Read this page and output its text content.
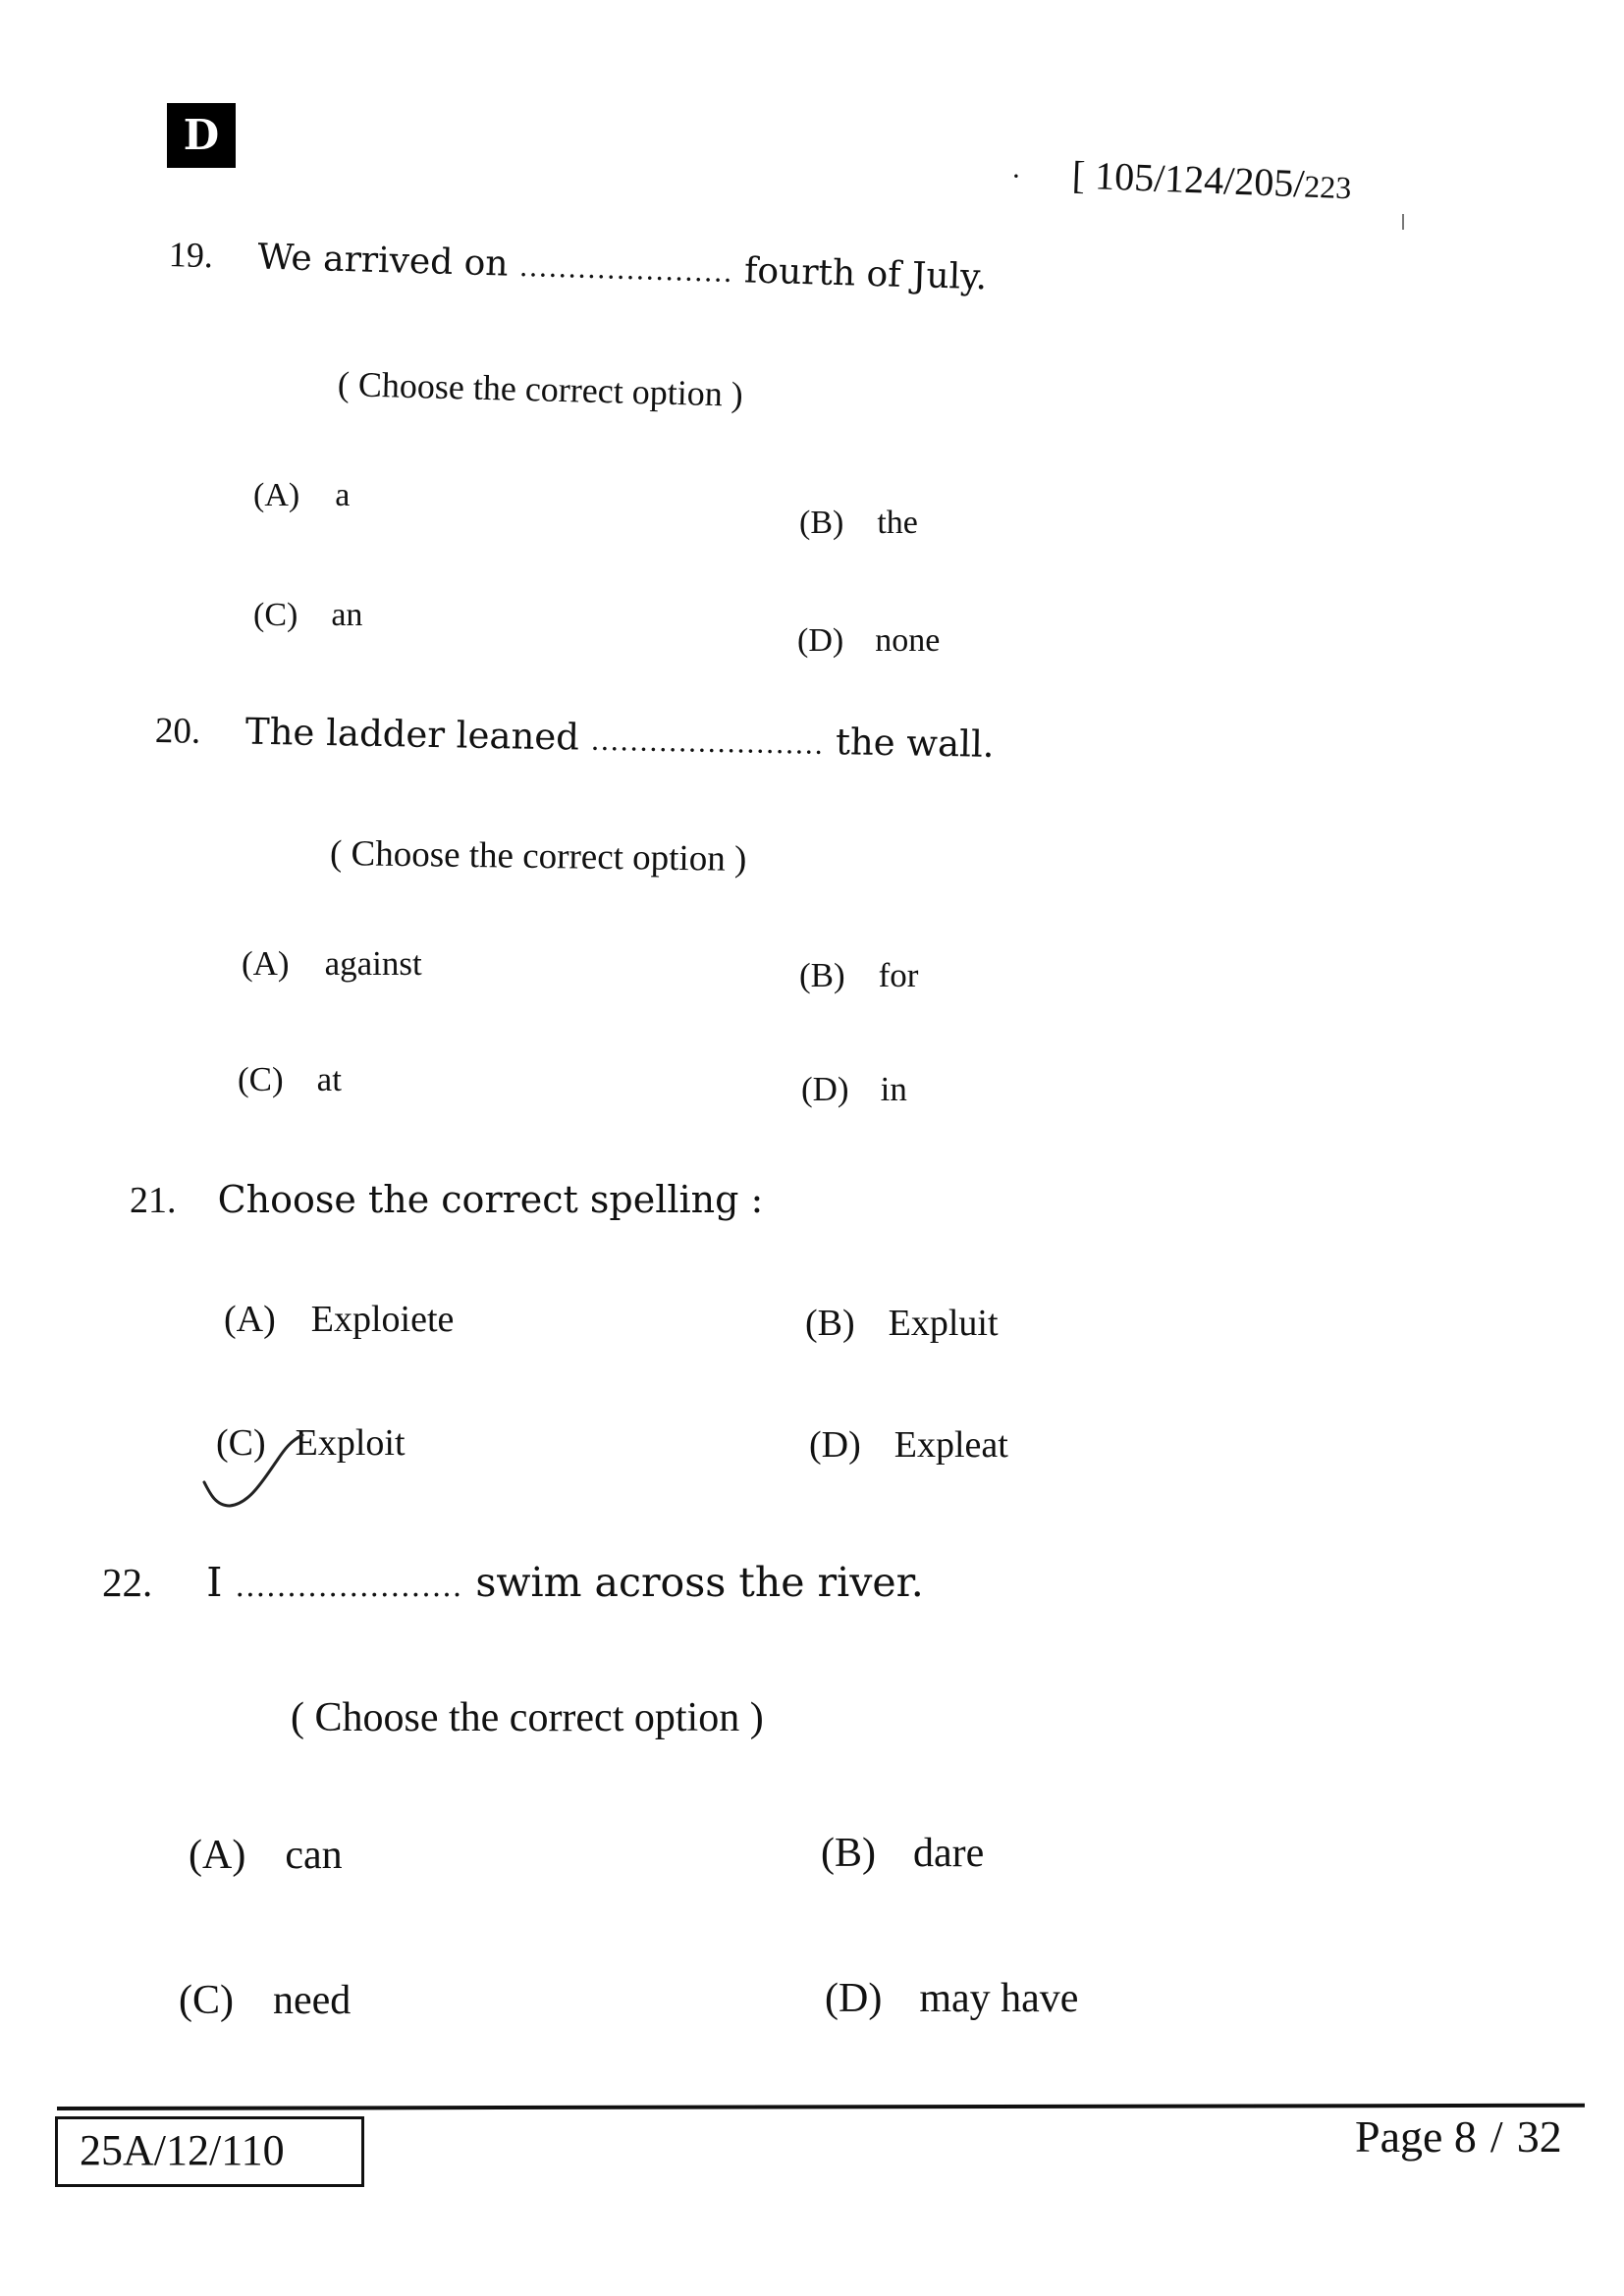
D
· [ 105/124/205/223
19. We arrived on ...................... fourth of July.
( Choose the correct option )
(A) a
(B) the
(C) an
(D) none
20. The ladder leaned ........................ the wall.
( Choose the correct option )
(A) against	(B) for
(C) at	(D) in
21. Choose the correct spelling :
(A) Exploiete	(B) Expluit
(C) Exploit	(D) Expleat
22. I ...................... swim across the river.
( Choose the correct option )
(A) can	(B) dare
(C) need	(D) may have
25A/12/110	Page 8 / 32
